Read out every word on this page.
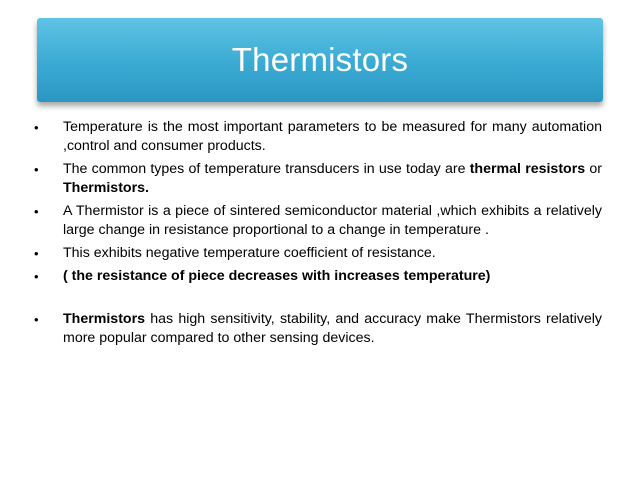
Thermistors
• Temperature is the most important parameters to be measured for many automation ,control and consumer products.
• The common types of temperature transducers in use today are thermal resistors or Thermistors.
• A Thermistor is a piece of sintered semiconductor material ,which exhibits a relatively large change in resistance proportional to a change in temperature .
• This exhibits negative temperature coefficient of resistance.
• ( the resistance of piece decreases with increases temperature)
• Thermistors has high sensitivity, stability, and accuracy make Thermistors relatively more popular compared to other sensing devices.
